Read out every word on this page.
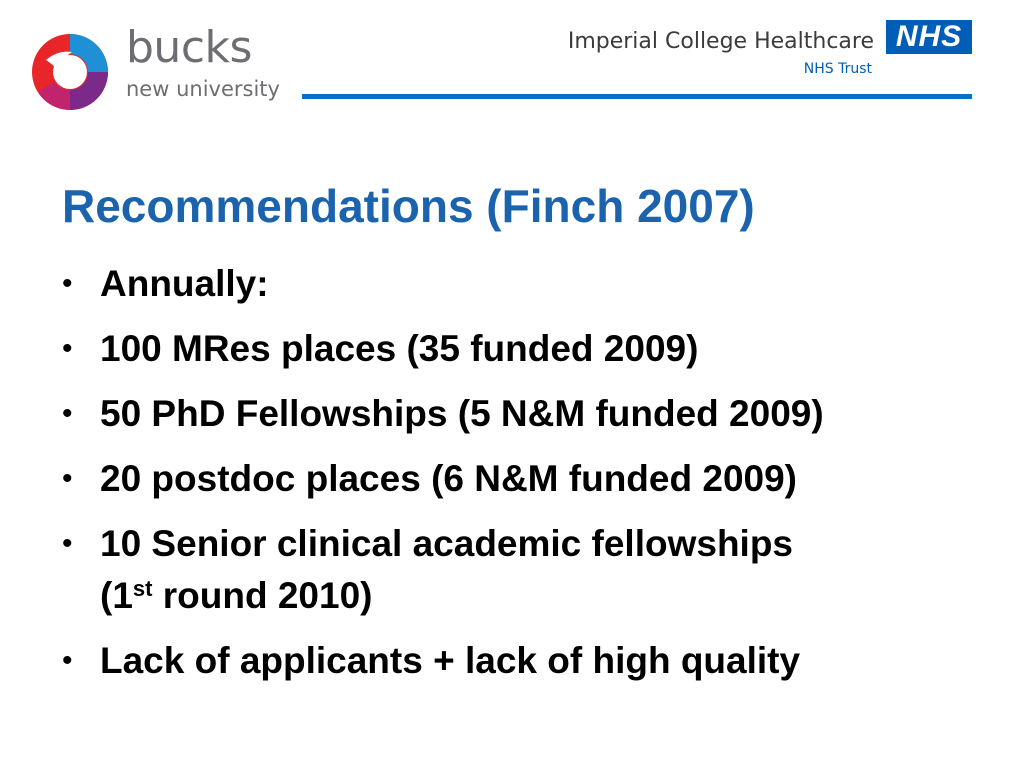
bucks
new university
Imperial College Healthcare NHS
NHS Trust
Recommendations (Finch 2007)
• Annually:
• 100 MRes places (35 funded 2009)
• 50 PhD Fellowships (5 N&M funded 2009)
• 20 postdoc places (6 N&M funded 2009)
• 10 Senior clinical academic fellowships
(1st round 2010)
• Lack of applicants + lack of high quality
